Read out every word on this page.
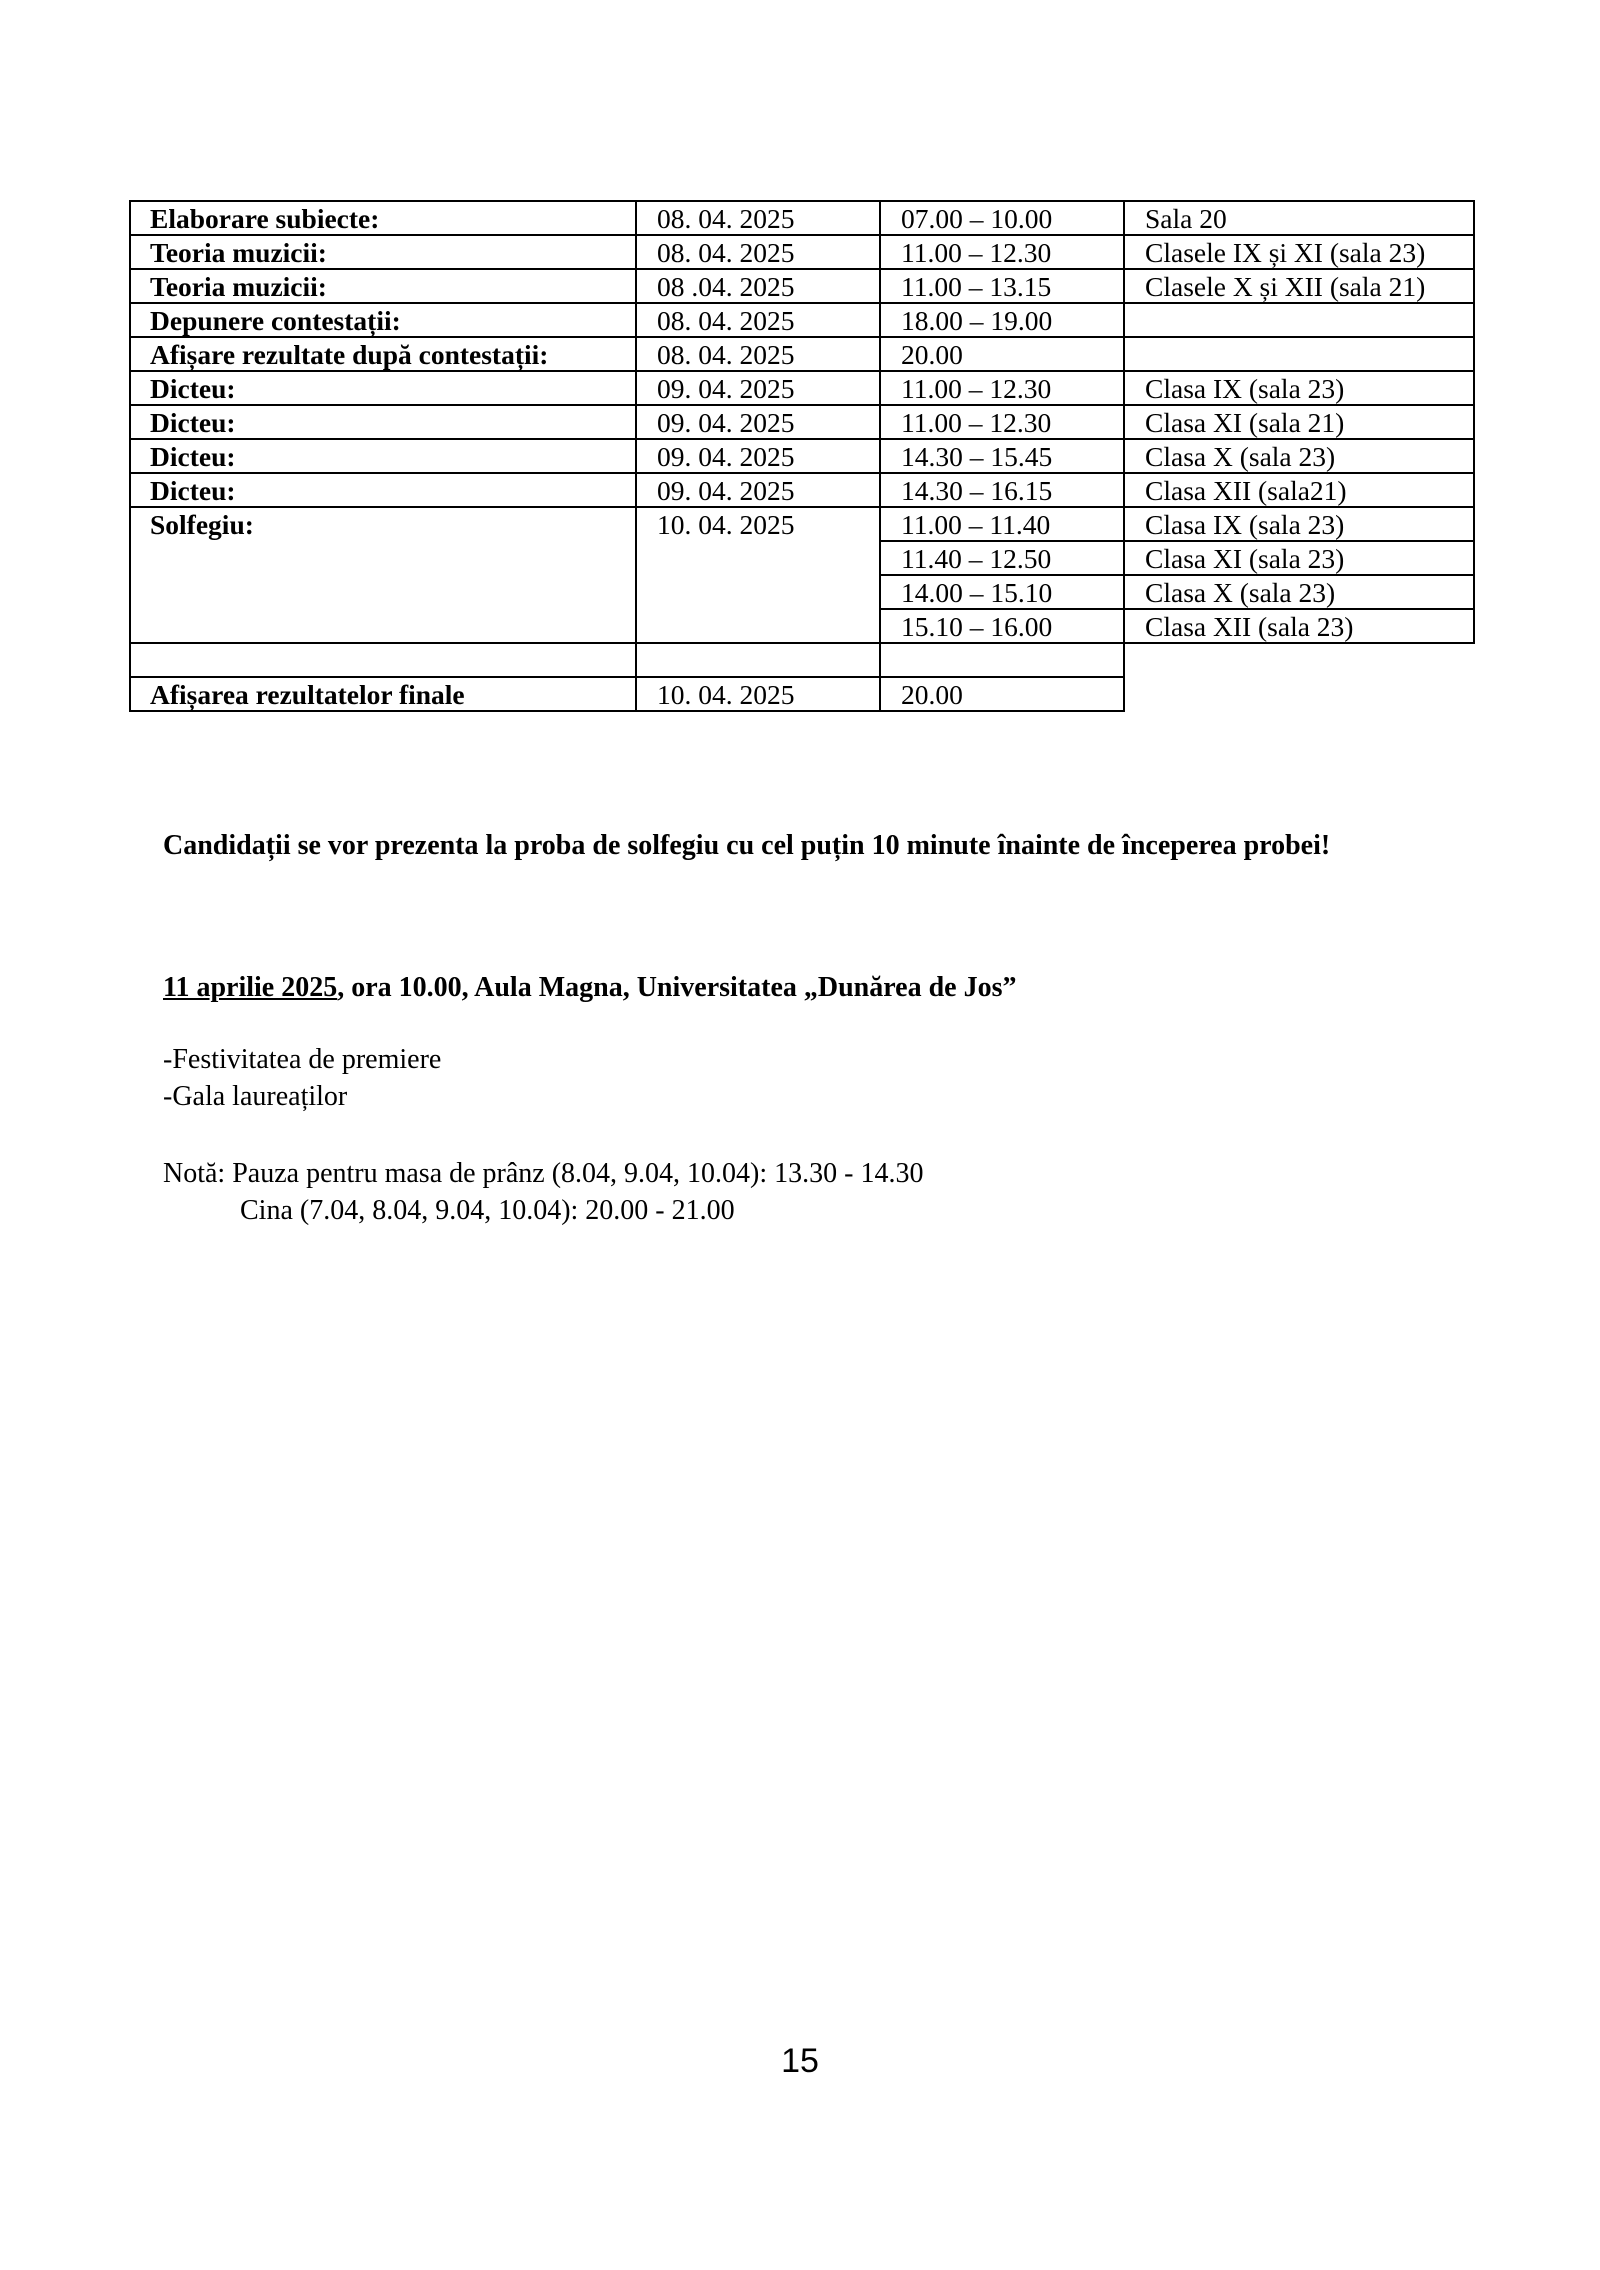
Elaborare subiecte:	08. 04. 2025	07.00 – 10.00	Sala 20
Teoria muzicii:	08. 04. 2025	11.00 – 12.30	Clasele IX și XI (sala 23)
Teoria muzicii:	08 .04. 2025	11.00 – 13.15	Clasele X și XII (sala 21)
Depunere contestații:	08. 04. 2025	18.00 – 19.00	
Afișare rezultate după contestații:	08. 04. 2025	20.00	
Dicteu:	09. 04. 2025	11.00 – 12.30	Clasa IX (sala 23)
Dicteu:	09. 04. 2025	11.00 – 12.30	Clasa XI (sala 21)
Dicteu:	09. 04. 2025	14.30 – 15.45	Clasa X (sala 23)
Dicteu:	09. 04. 2025	14.30 – 16.15	Clasa XII (sala21)
Solfegiu:	10. 04. 2025	11.00 – 11.40	Clasa IX (sala 23)
		11.40 – 12.50	Clasa XI (sala 23)
		14.00 – 15.10	Clasa X (sala 23)
		15.10 – 16.00	Clasa XII (sala 23)

Afișarea rezultatelor finale	10. 04. 2025	20.00	
Candidații se vor prezenta la proba de solfegiu cu cel puțin 10 minute înainte de începerea probei!
11 aprilie 2025, ora 10.00, Aula Magna, Universitatea „Dunărea de Jos”
-Festivitatea de premiere
-Gala laureaților
Notă: Pauza pentru masa de prânz (8.04, 9.04, 10.04): 13.30 - 14.30
Cina (7.04, 8.04, 9.04, 10.04): 20.00 - 21.00
15
